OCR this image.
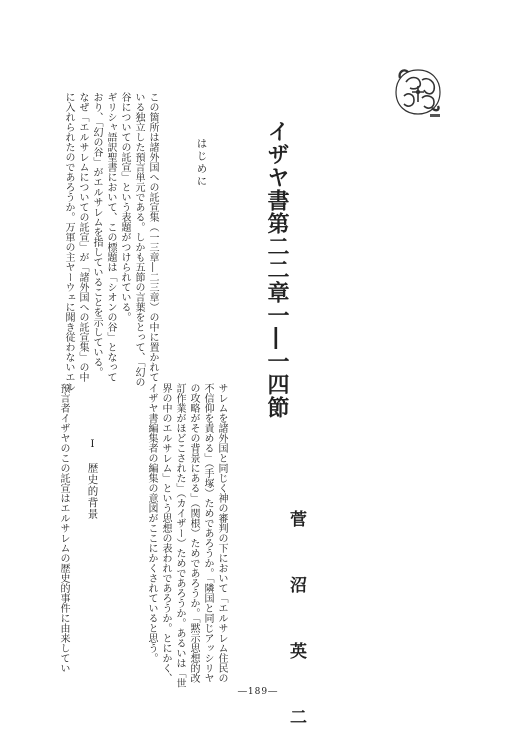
イザヤ書第二二章一―一四節
菅　沼　英　二
はじめに
この箇所は諸外国への託宣集（一三章―二三章）の中に置かれて
いる独立した預言単元である。しかも五節の言葉をとって、「幻の
谷についての託宣」という表題がつけられている。
ギリシャ語訳聖書において、この標題は「シオンの谷」となって
おり、「幻の谷」がエルサレムを指していることを示している。
なぜ「エルサレムについての託宣」が「諸外国への託宣集」の中
に入れられたのであろうか。万軍の主ヤーウェに聞き従わないエル
サレムを諸外国と同じく神の審判の下において「エルサレム住民の
不信仰を責める」（手塚）ためであろうか。「隣国と同じアッシリヤ
の攻略がその背景にある」（関根）ためであろうか。「黙示思想的改
訂作業がほどこされた」（カイザー）ためであろうか。あるいは「世
界の中のエルサレム」という思想の表われであろうか。とにかく、
イザヤ書編集者の編集の意図がここにかくされていると思う。
Ⅰ　歴史的背景
預言者イザヤのこの託宣はエルサレムの歴史的事件に由来してい
―189―
